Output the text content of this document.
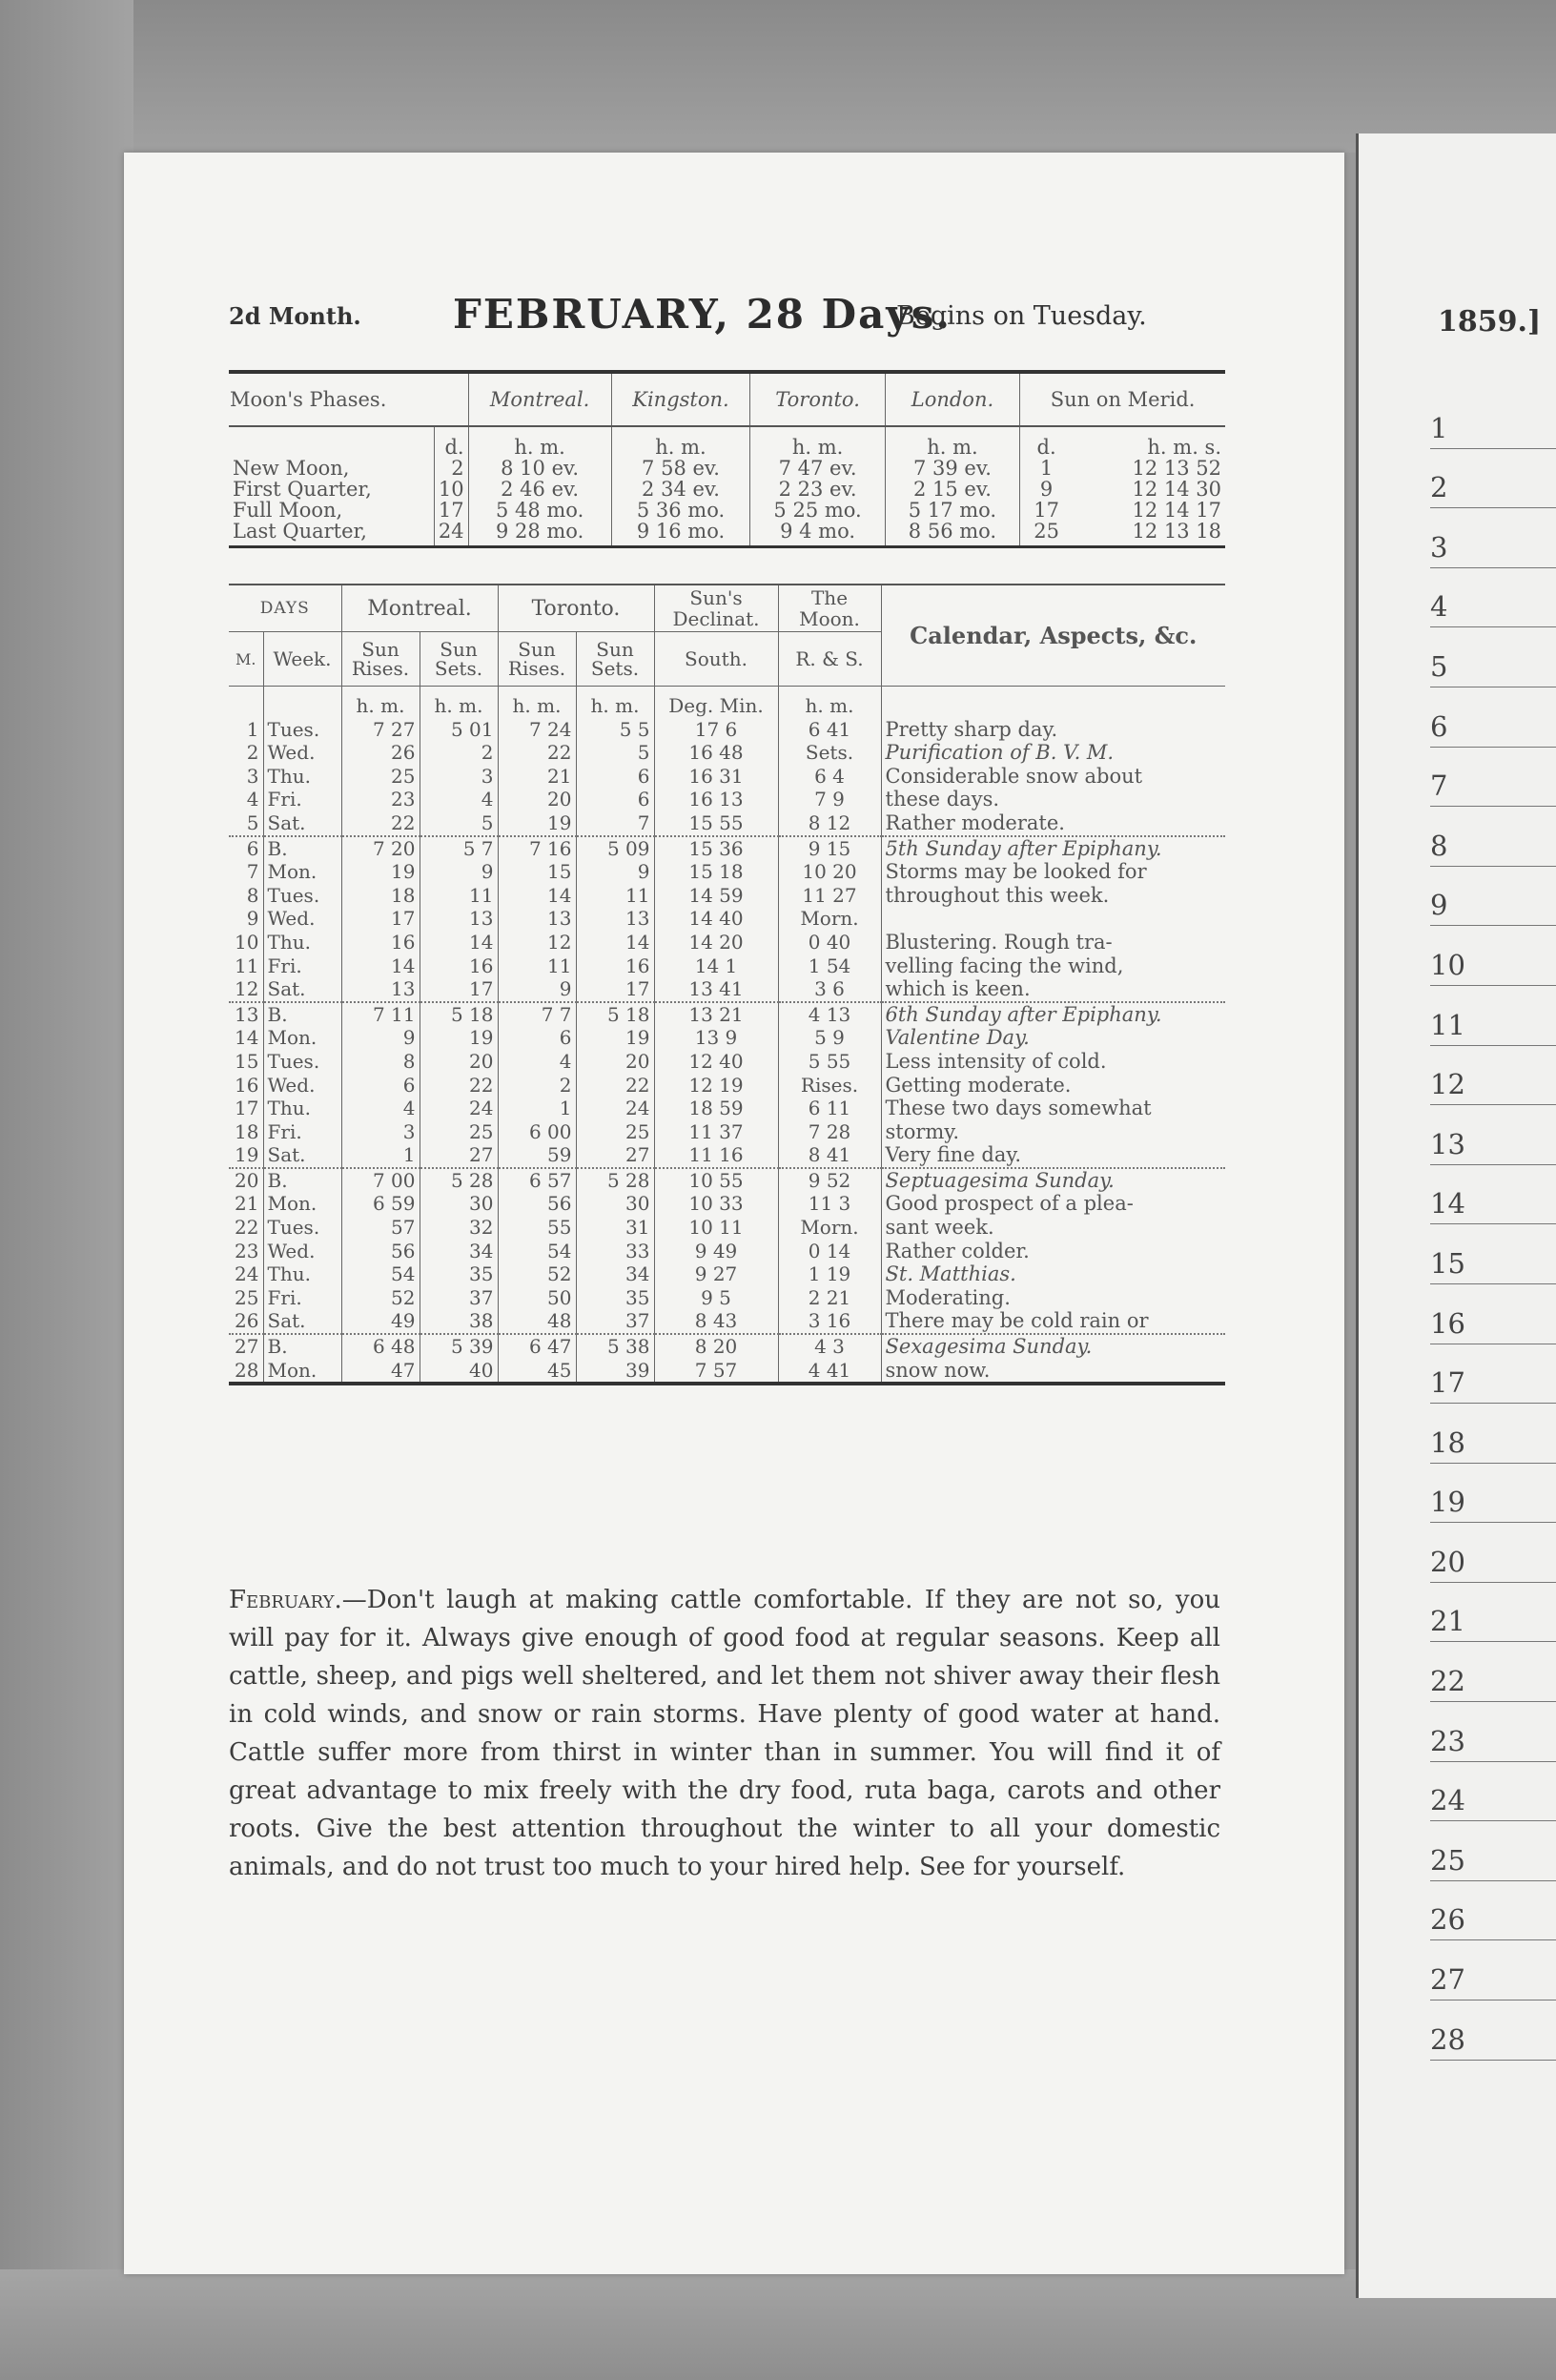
1859.]
1
2
3
4
5
6
7
8
9
10
11
12
13
14
15
16
17
18
19
20
21
22
23
24
25
26
27
28
2d Month. FEBRUARY, 28 Days.
Begins on Tuesday.
Moon's Phases.		Montreal.	Kingston.	Toronto.	London.	Sun on Merid.	
	d.	h. m.	h. m.	h. m.	h. m.	d.	h. m. s.
New Moon,	2	8 10 ev.	7 58 ev.	7 47 ev.	7 39 ev.	1	12 13 52
First Quarter,	10	2 46 ev.	2 34 ev.	2 23 ev.	2 15 ev.	9	12 14 30
Full Moon,	17	5 48 mo.	5 36 mo.	5 25 mo.	5 17 mo.	17	12 14 17
Last Quarter,	24	9 28 mo.	9 16 mo.	9 4 mo.	8 56 mo.	25	12 13 18
DAYS		Montreal.		Toronto.		Sun's Declinat.	The Moon.	Calendar, Aspects, &c.
M.	Week.	Sun Rises.	Sun Sets.	Sun Rises.	Sun Sets.	South.	R. & S.	
		h. m.	h. m.	h. m.	h. m.	Deg. Min.	h. m.	
1	Tues.	7 27	5 01	7 24	5 5	17 6	6 41	Pretty sharp day.
2	Wed.	26	2	22	5	16 48	Sets.	Purification of B. V. M.
3	Thu.	25	3	21	6	16 31	6 4	Considerable snow about
4	Fri.	23	4	20	6	16 13	7 9	these days.
5	Sat.	22	5	19	7	15 55	8 12	Rather moderate.
6	B.	7 20	5 7	7 16	5 09	15 36	9 15	5th Sunday after Epiphany.
7	Mon.	19	9	15	9	15 18	10 20	Storms may be looked for
8	Tues.	18	11	14	11	14 59	11 27	throughout this week.
9	Wed.	17	13	13	13	14 40	Morn.	
10	Thu.	16	14	12	14	14 20	0 40	Blustering. Rough tra-
11	Fri.	14	16	11	16	14 1	1 54	velling facing the wind,
12	Sat.	13	17	9	17	13 41	3 6	which is keen.
13	B.	7 11	5 18	7 7	5 18	13 21	4 13	6th Sunday after Epiphany.
14	Mon.	9	19	6	19	13 9	5 9	Valentine Day.
15	Tues.	8	20	4	20	12 40	5 55	Less intensity of cold.
16	Wed.	6	22	2	22	12 19	Rises.	Getting moderate.
17	Thu.	4	24	1	24	18 59	6 11	These two days somewhat
18	Fri.	3	25	6 00	25	11 37	7 28	stormy.
19	Sat.	1	27	59	27	11 16	8 41	Very fine day.
20	B.	7 00	5 28	6 57	5 28	10 55	9 52	Septuagesima Sunday.
21	Mon.	6 59	30	56	30	10 33	11 3	Good prospect of a plea-
22	Tues.	57	32	55	31	10 11	Morn.	sant week.
23	Wed.	56	34	54	33	9 49	0 14	Rather colder.
24	Thu.	54	35	52	34	9 27	1 19	St. Matthias.
25	Fri.	52	37	50	35	9 5	2 21	Moderating.
26	Sat.	49	38	48	37	8 43	3 16	There may be cold rain or
27	B.	6 48	5 39	6 47	5 38	8 20	4 3	Sexagesima Sunday.
28	Mon.	47	40	45	39	7 57	4 41	snow now.
February.—Don't laugh at making cattle comfortable. If they are not so, you will pay for it. Always give enough of good food at regular seasons. Keep all cattle, sheep, and pigs well sheltered, and let them not shiver away their flesh in cold winds, and snow or rain storms. Have plenty of good water at hand. Cattle suffer more from thirst in winter than in summer. You will find it of great advantage to mix freely with the dry food, ruta baga, carots and other roots. Give the best attention throughout the winter to all your domestic animals, and do not trust too much to your hired help. See for yourself.
